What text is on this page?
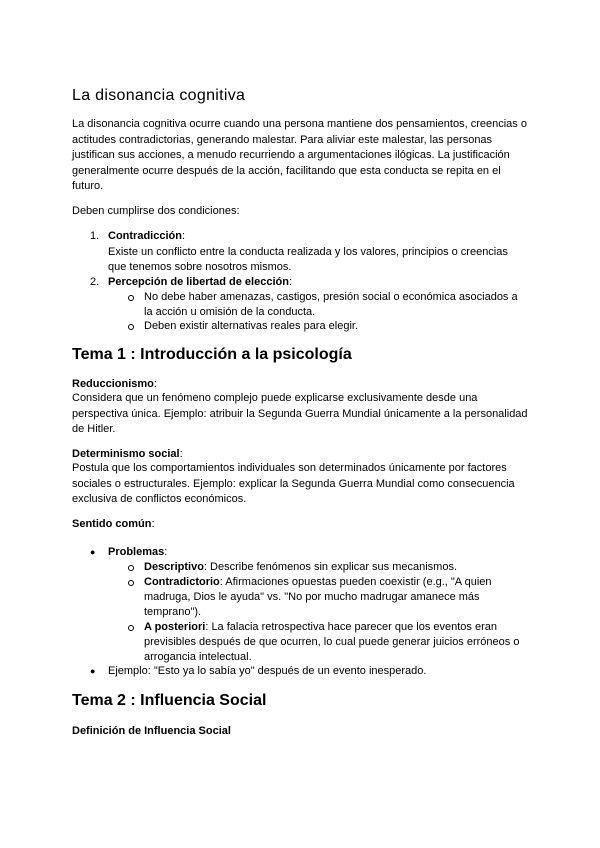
La disonancia cognitiva
La disonancia cognitiva ocurre cuando una persona mantiene dos pensamientos, creencias o actitudes contradictorias, generando malestar. Para aliviar este malestar, las personas justifican sus acciones, a menudo recurriendo a argumentaciones ilógicas. La justificación generalmente ocurre después de la acción, facilitando que esta conducta se repita en el futuro.
Deben cumplirse dos condiciones:
1. Contradicción:
Existe un conflicto entre la conducta realizada y los valores, principios o creencias
que tenemos sobre nosotros mismos.
2. Percepción de libertad de elección:
No debe haber amenazas, castigos, presión social o económica asociados a
la acción u omisión de la conducta.
Deben existir alternativas reales para elegir.
Tema 1 : Introducción a la psicología
Reduccionismo:
Considera que un fenómeno complejo puede explicarse exclusivamente desde una perspectiva única. Ejemplo: atribuir la Segunda Guerra Mundial únicamente a la personalidad de Hitler.
Determinismo social:
Postula que los comportamientos individuales son determinados únicamente por factores sociales o estructurales. Ejemplo: explicar la Segunda Guerra Mundial como consecuencia exclusiva de conflictos económicos.
Sentido común:
● Problemas:
Descriptivo: Describe fenómenos sin explicar sus mecanismos.
Contradictorio: Afirmaciones opuestas pueden coexistir (e.g., "A quien
madruga, Dios le ayuda" vs. "No por mucho madrugar amanece más
temprano").
A posteriori: La falacia retrospectiva hace parecer que los eventos eran
previsibles después de que ocurren, lo cual puede generar juicios erróneos o
arrogancia intelectual.
● Ejemplo: "Esto ya lo sabía yo" después de un evento inesperado.
Tema 2 : Influencia Social
Definición de Influencia Social
